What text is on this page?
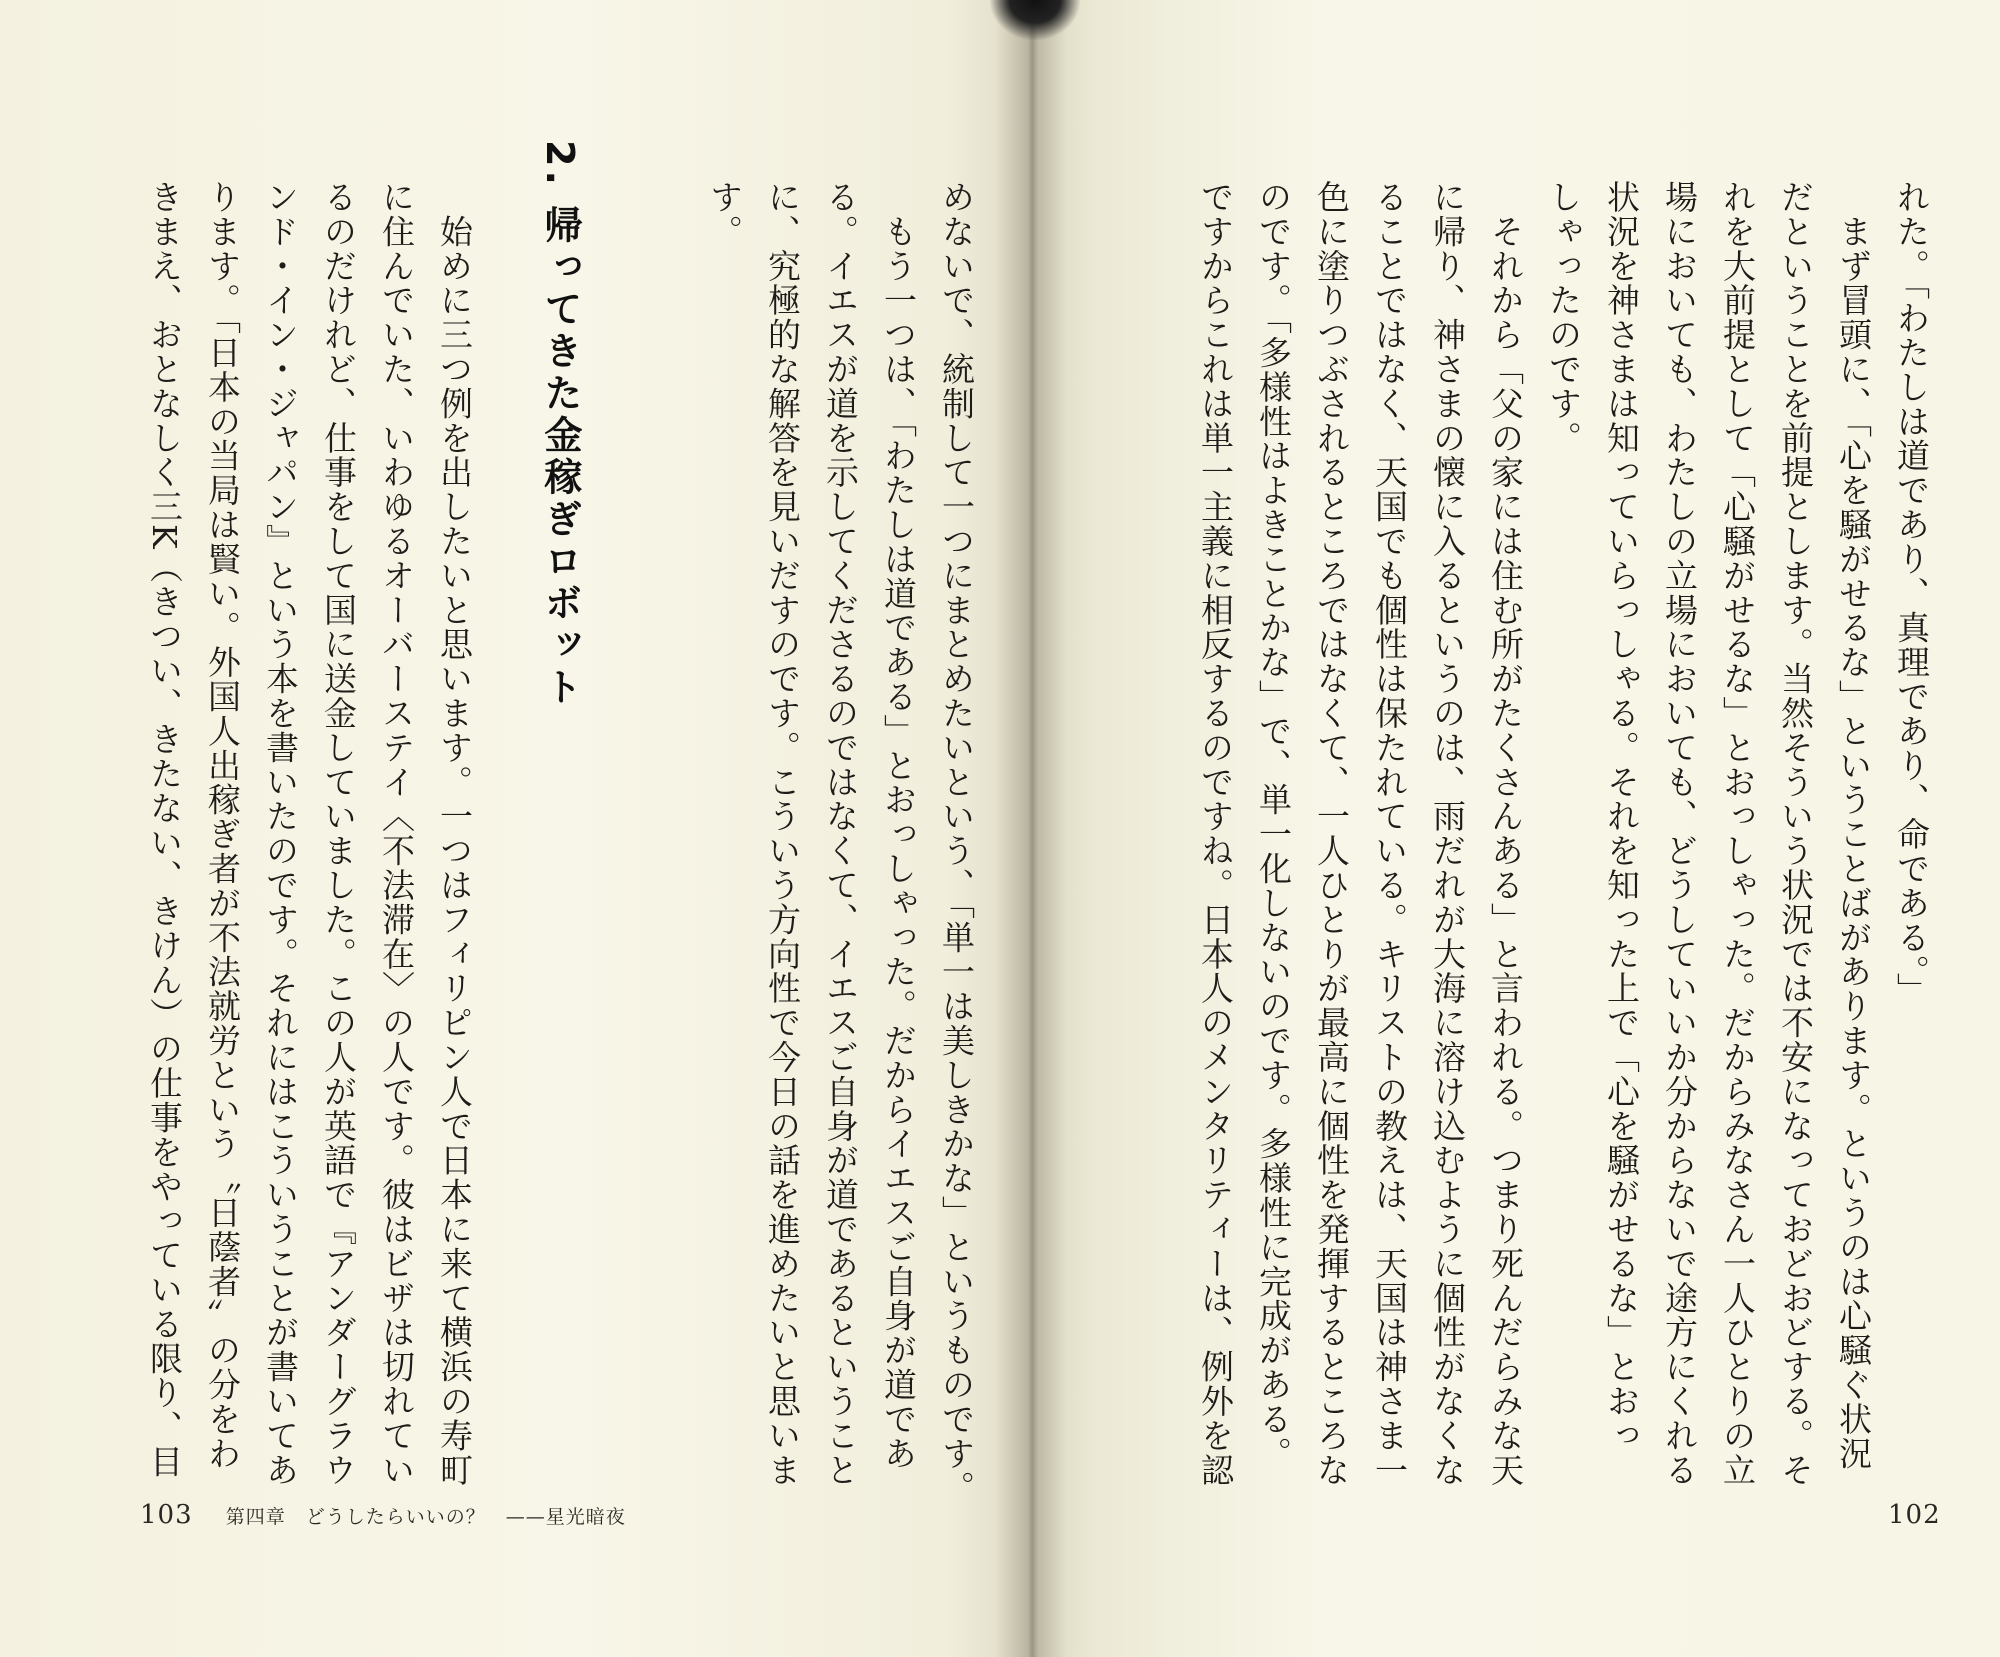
めないで、統制して一つにまとめたいという、「単一は美しきかな」というものです。
　もう一つは、「わたしは道である」とおっしゃった。だからイエスご自身が道であ
る。イエスが道を示してくださるのではなくて、イエスご自身が道であるということ
に、究極的な解答を見いだすのです。こういう方向性で今日の話を進めたいと思いま
す。
2.帰ってきた金稼ぎロボット
　始めに三つ例を出したいと思います。一つはフィリピン人で日本に来て横浜の寿町
に住んでいた、いわゆるオーバーステイ〈不法滞在〉の人です。彼はビザは切れてい
るのだけれど、仕事をして国に送金していました。この人が英語で『アンダーグラウ
ンド・イン・ジャパン』という本を書いたのです。それにはこういうことが書いてあ
ります。「日本の当局は賢い。外国人出稼ぎ者が不法就労という〝日蔭者〟の分をわ
きまえ、おとなしく三K（きつい、きたない、きけん）の仕事をやっている限り、目
103 第四章　どうしたらいいの？　——星光暗夜
れた。「わたしは道であり、真理であり、命である。」
　まず冒頭に、「心を騒がせるな」ということばがあります。というのは心騒ぐ状況
だということを前提とします。当然そういう状況では不安になっておどおどする。そ
れを大前提として「心騒がせるな」とおっしゃった。だからみなさん一人ひとりの立
場においても、わたしの立場においても、どうしていいか分からないで途方にくれる
状況を神さまは知っていらっしゃる。それを知った上で「心を騒がせるな」とおっ
しゃったのです。
　それから「父の家には住む所がたくさんある」と言われる。つまり死んだらみな天
に帰り、神さまの懐に入るというのは、雨だれが大海に溶け込むように個性がなくな
ることではなく、天国でも個性は保たれている。キリストの教えは、天国は神さま一
色に塗りつぶされるところではなくて、一人ひとりが最高に個性を発揮するところな
のです。「多様性はよきことかな」で、単一化しないのです。多様性に完成がある。
ですからこれは単一主義に相反するのですね。日本人のメンタリティーは、例外を認
102
